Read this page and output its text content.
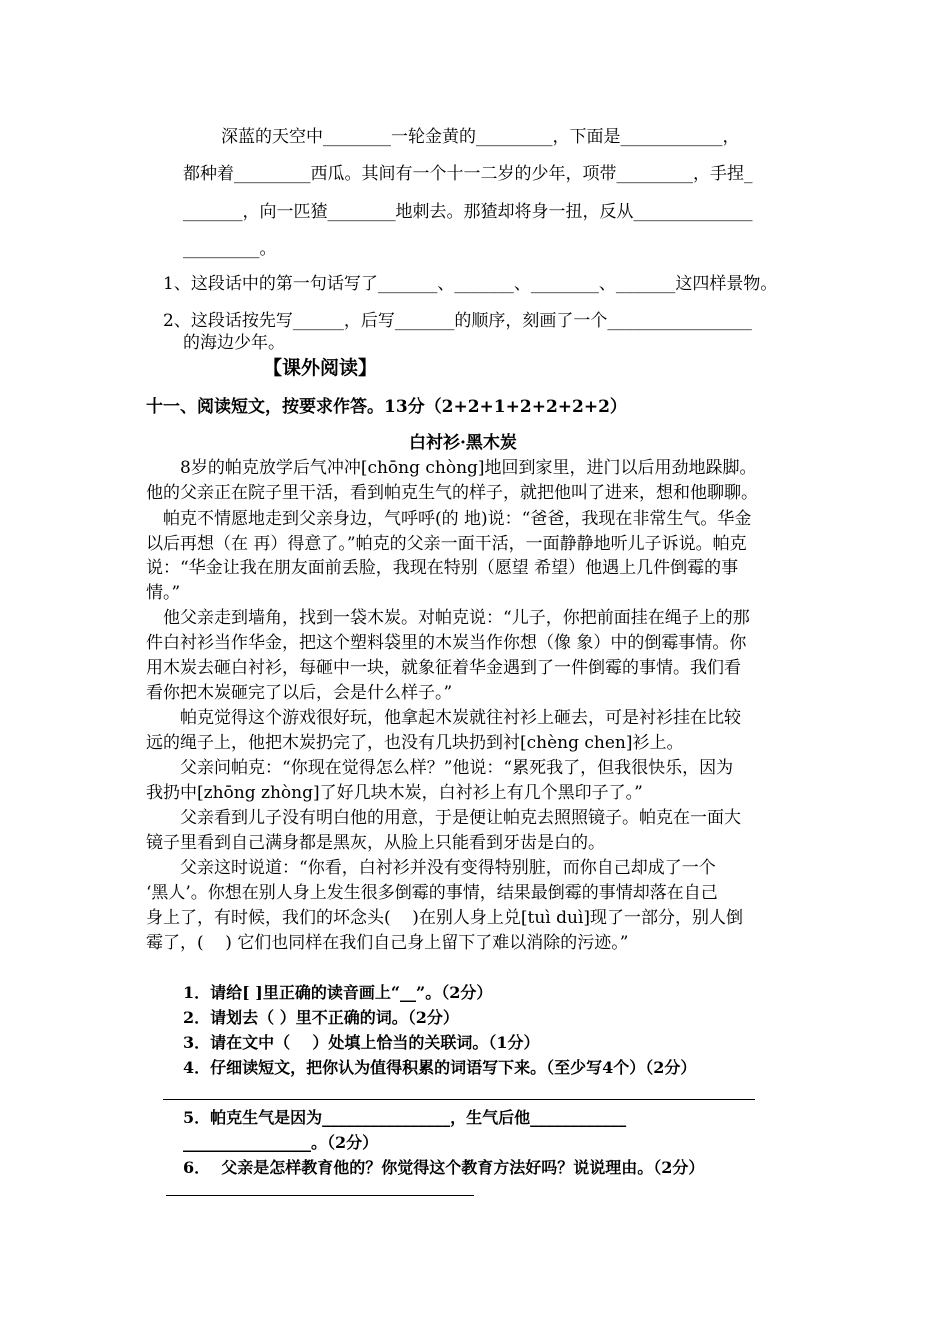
深蓝的天空中________一轮金黄的_________，下面是____________，
都种着_________西瓜。其间有一个十一二岁的少年，项带_________，手捏_
_______，向一匹猹________地刺去。那猹却将身一扭，反从______________
_________。
1、这段话中的第一句话写了_______、_______、________、_______这四样景物。
2、这段话按先写______，后写_______的顺序，刻画了一个_________________
的海边少年。
【课外阅读】
十一、阅读短文，按要求作答。13分（2+2+1+2+2+2+2）
白衬衫·黑木炭
8岁的帕克放学后气冲冲[chōng chòng]地回到家里，进门以后用劲地跺脚。
他的父亲正在院子里干活，看到帕克生气的样子，就把他叫了进来，想和他聊聊。
帕克不情愿地走到父亲身边，气呼呼(的 地)说：“爸爸，我现在非常生气。华金
以后再想（在 再）得意了。”帕克的父亲一面干活，一面静静地听儿子诉说。帕克
说：“华金让我在朋友面前丢脸，我现在特别（愿望 希望）他遇上几件倒霉的事
情。”
他父亲走到墙角，找到一袋木炭。对帕克说：“儿子，你把前面挂在绳子上的那
件白衬衫当作华金，把这个塑料袋里的木炭当作你想（像 象）中的倒霉事情。你
用木炭去砸白衬衫，每砸中一块，就象征着华金遇到了一件倒霉的事情。我们看
看你把木炭砸完了以后，会是什么样子。”
帕克觉得这个游戏很好玩，他拿起木炭就往衬衫上砸去，可是衬衫挂在比较
远的绳子上，他把木炭扔完了，也没有几块扔到衬[chèng chen]衫上。
父亲问帕克：“你现在觉得怎么样？”他说：“累死我了，但我很快乐，因为
我扔中[zhōng zhòng]了好几块木炭，白衬衫上有几个黑印子了。”
父亲看到儿子没有明白他的用意，于是便让帕克去照照镜子。帕克在一面大
镜子里看到自己满身都是黑灰，从脸上只能看到牙齿是白的。
父亲这时说道：“你看，白衬衫并没有变得特别脏，而你自己却成了一个
‘黑人’。你想在别人身上发生很多倒霉的事情，结果最倒霉的事情却落在自己
身上了，有时候，我们的坏念头(    )在别人身上兑[tuì duì]现了一部分，别人倒
霉了，(    ) 它们也同样在我们自己身上留下了难以消除的污迹。”
1．请给[ ]里正确的读音画上“__”。（2分）
2．请划去（ ）里不正确的词。（2分）
3．请在文中（    ）处填上恰当的关联词。（1分）
4．仔细读短文，把你认为值得积累的词语写下来。（至少写4个）（2分）
5．帕克生气是因为________________，生气后他____________
________________。（2分）
6．  父亲是怎样教育他的？你觉得这个教育方法好吗？说说理由。（2分）
